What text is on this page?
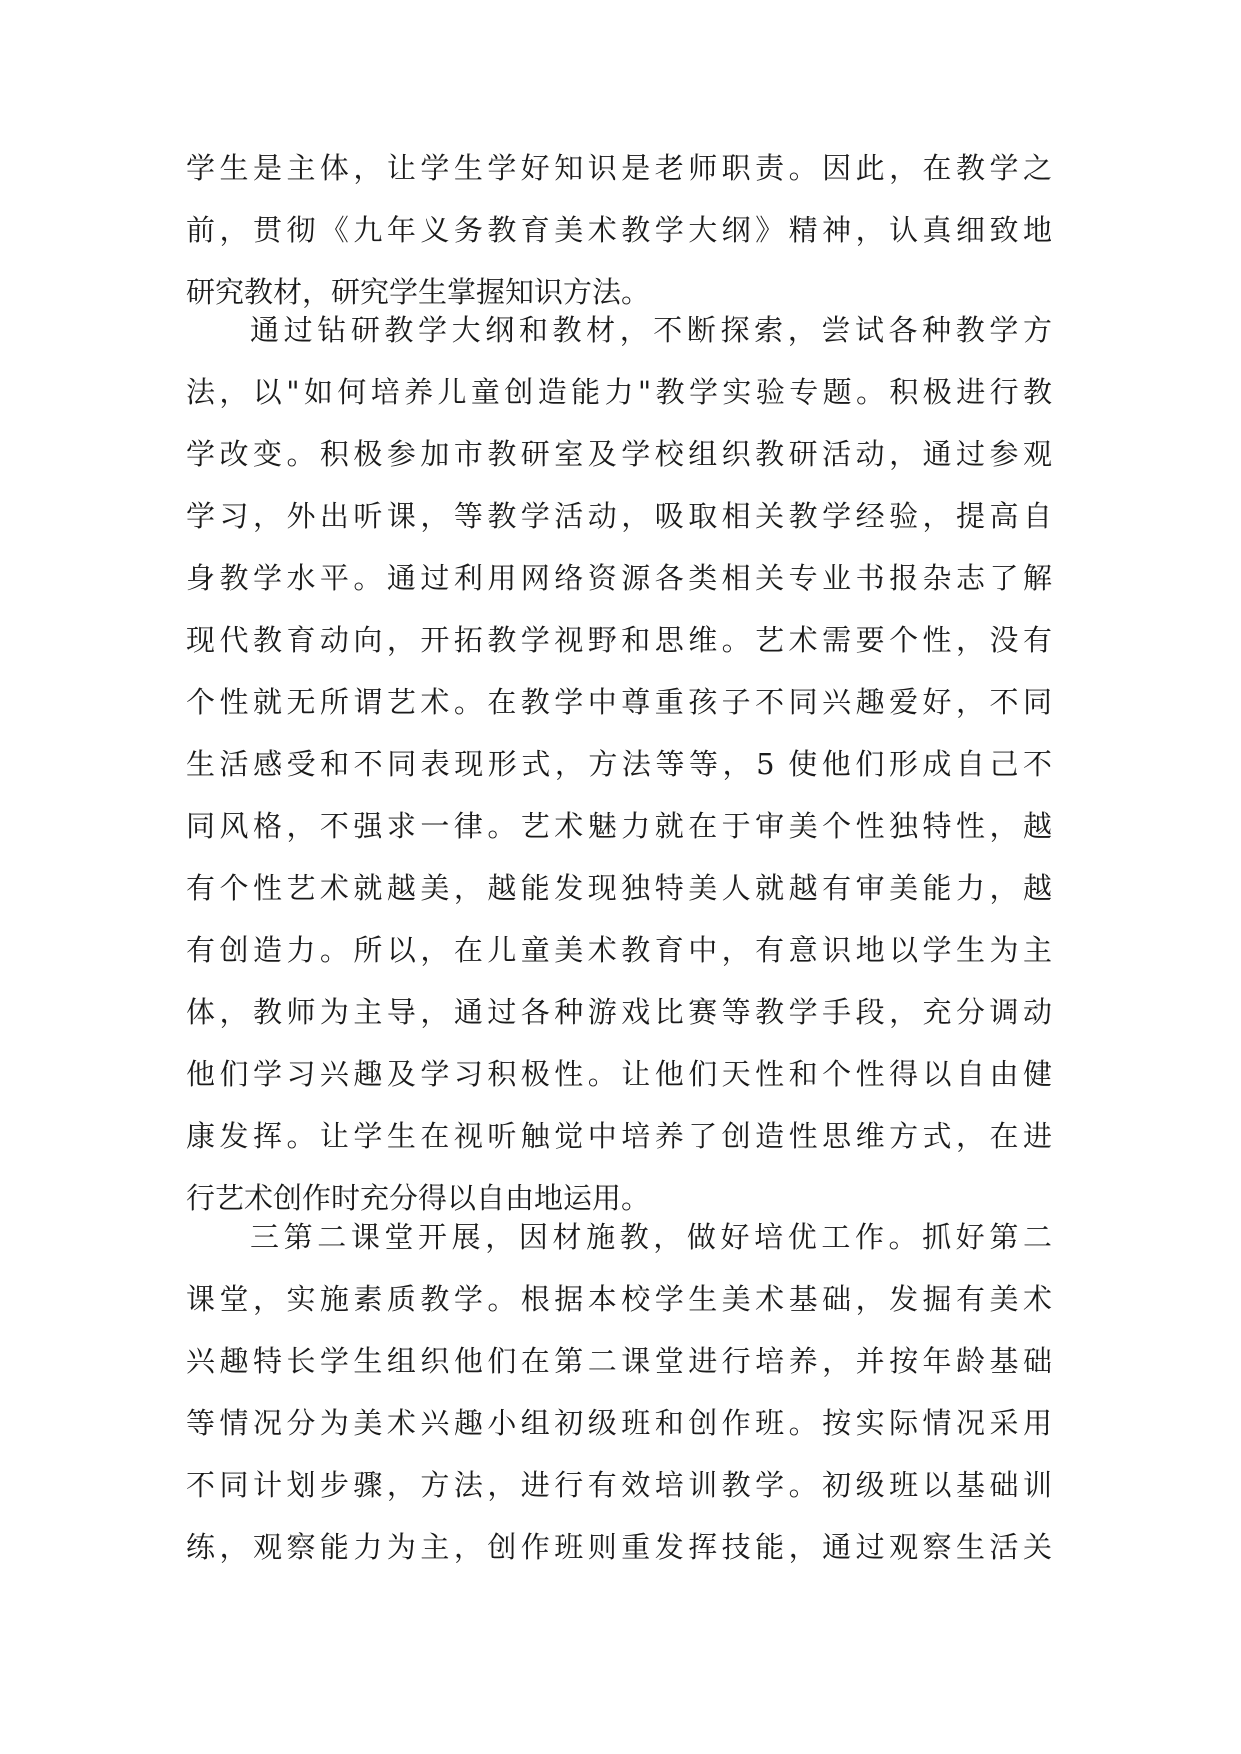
学生是主体，让学生学好知识是老师职责。因此，在教学之
前，贯彻《九年义务教育美术教学大纲》精神，认真细致地
研究教材，研究学生掌握知识方法。
通过钻研教学大纲和教材，不断探索，尝试各种教学方
法，以"如何培养儿童创造能力"教学实验专题。积极进行教
学改变。积极参加市教研室及学校组织教研活动，通过参观
学习，外出听课，等教学活动，吸取相关教学经验，提高自
身教学水平。通过利用网络资源各类相关专业书报杂志了解
现代教育动向，开拓教学视野和思维。艺术需要个性，没有
个性就无所谓艺术。在教学中尊重孩子不同兴趣爱好，不同
生活感受和不同表现形式，方法等等，5 使他们形成自己不
同风格，不强求一律。艺术魅力就在于审美个性独特性，越
有个性艺术就越美，越能发现独特美人就越有审美能力，越
有创造力。所以，在儿童美术教育中，有意识地以学生为主
体，教师为主导，通过各种游戏比赛等教学手段，充分调动
他们学习兴趣及学习积极性。让他们天性和个性得以自由健
康发挥。让学生在视听触觉中培养了创造性思维方式，在进
行艺术创作时充分得以自由地运用。
三第二课堂开展，因材施教，做好培优工作。抓好第二
课堂，实施素质教学。根据本校学生美术基础，发掘有美术
兴趣特长学生组织他们在第二课堂进行培养，并按年龄基础
等情况分为美术兴趣小组初级班和创作班。按实际情况采用
不同计划步骤，方法，进行有效培训教学。初级班以基础训
练，观察能力为主，创作班则重发挥技能，通过观察生活关
